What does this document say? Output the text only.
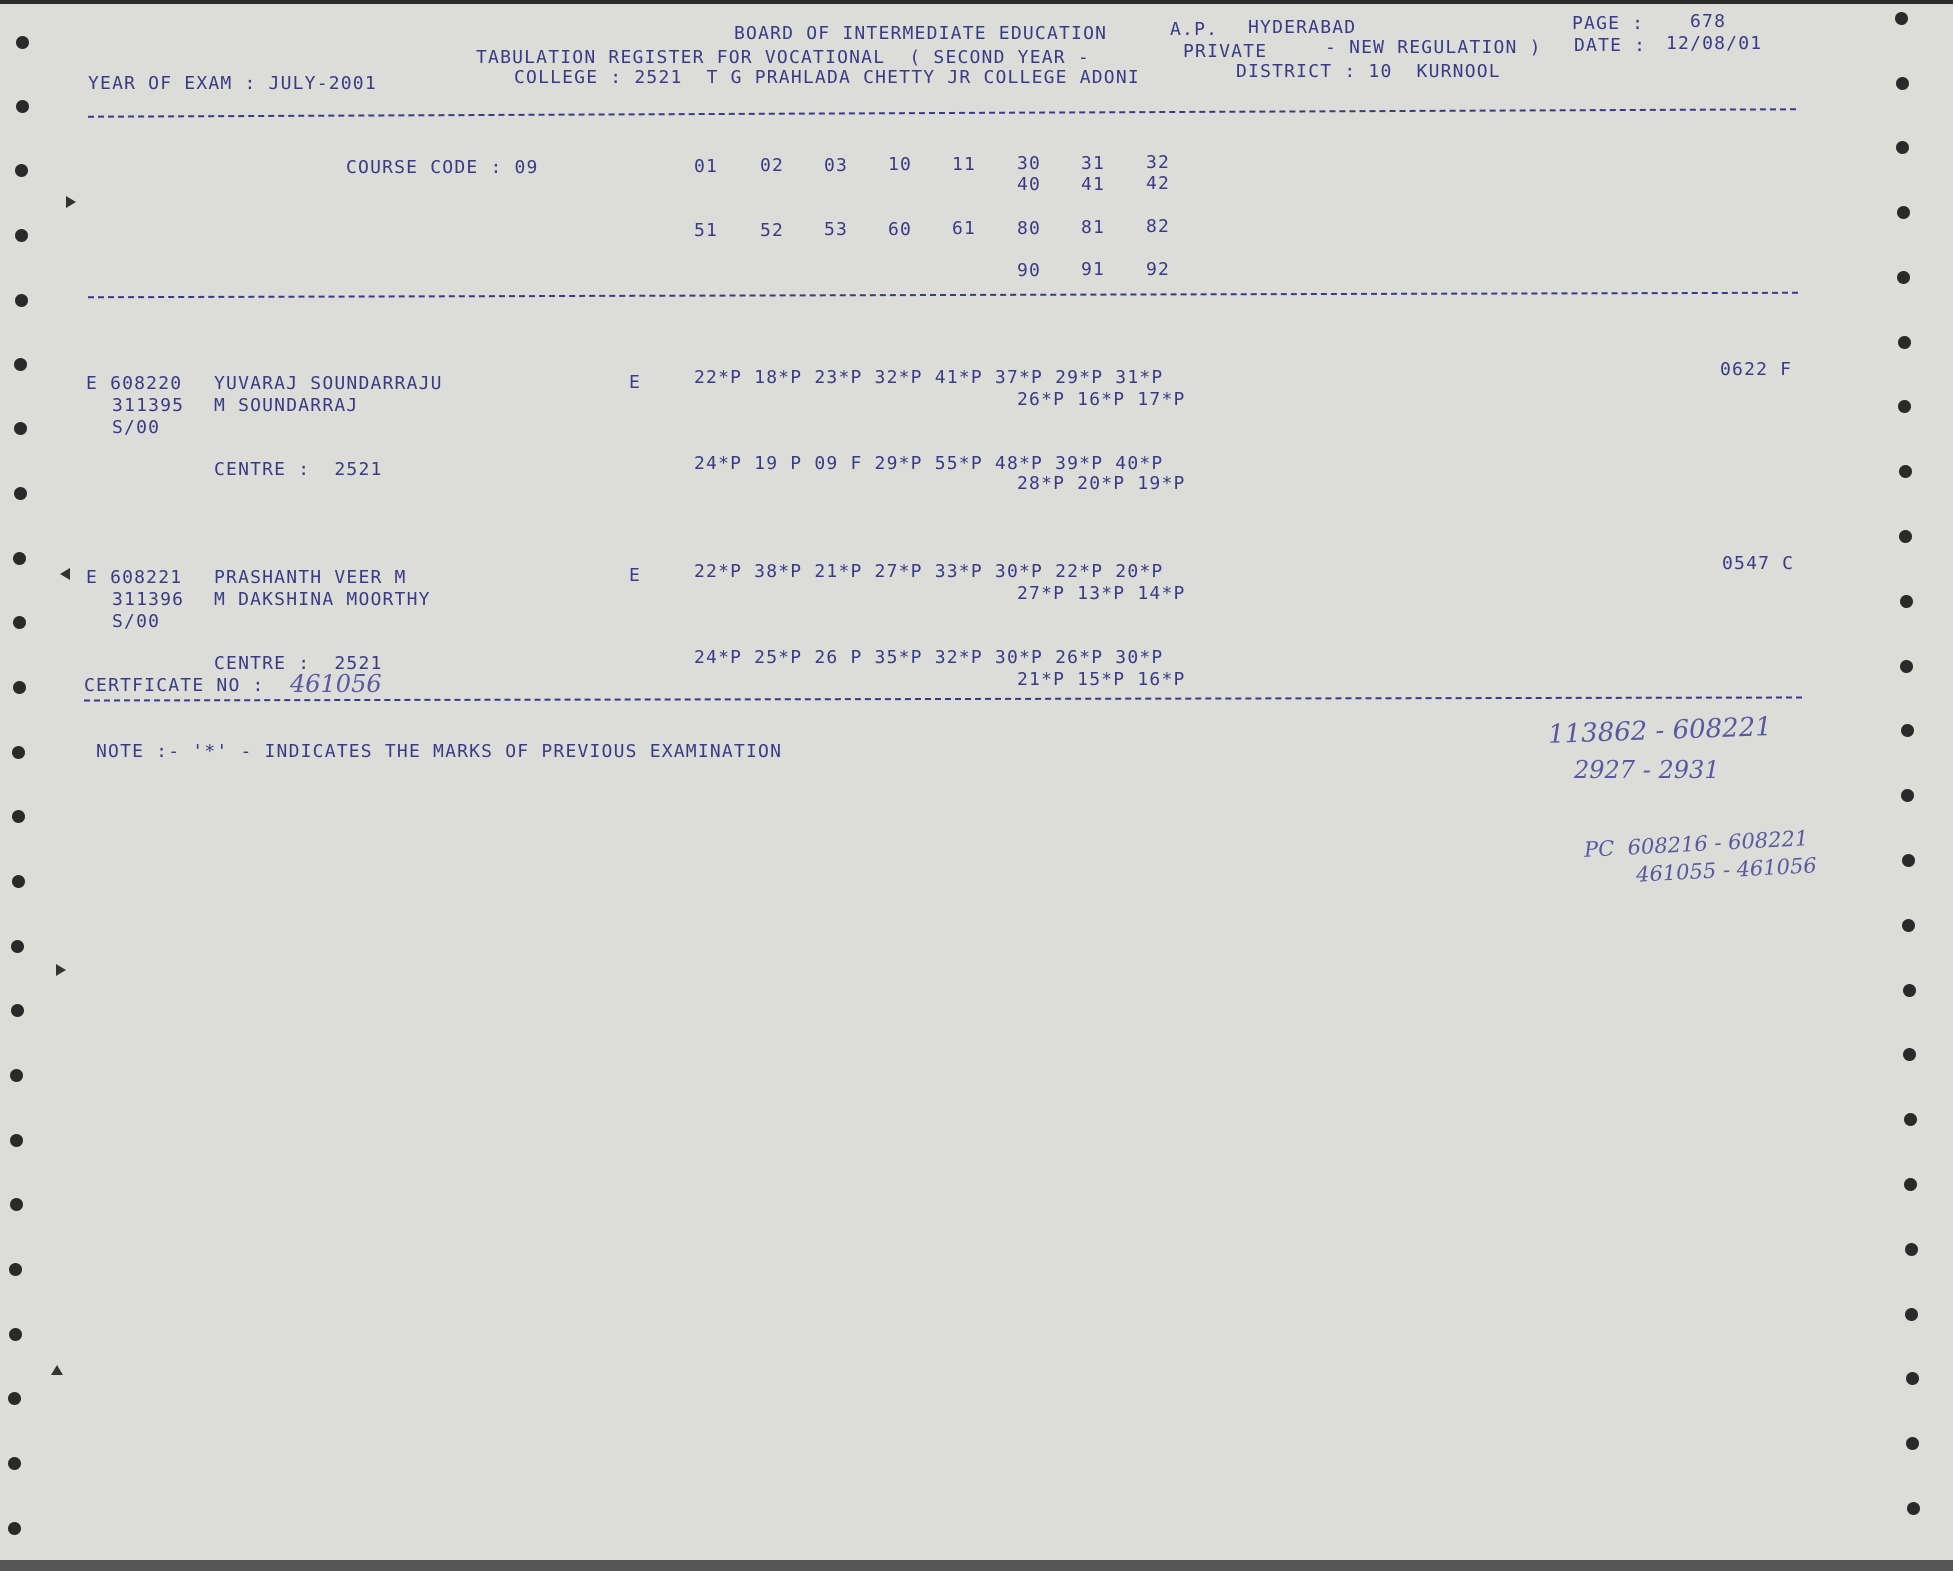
BOARD OF INTERMEDIATE EDUCATION	A.P. HYDERABAD	PAGE :	678
TABULATION REGISTER FOR VOCATIONAL  ( SECOND YEAR -	PRIVATE	- NEW REGULATION ) DATE : 12/08/01
YEAR OF EXAM : JULY-2001	COLLEGE : 2521  T G PRAHLADA CHETTY JR COLLEGE ADONI	DISTRICT : 10  KURNOOL
COURSE CODE : 09	01 02 03 10 11 30 31 32
40 41 42
51 52 53 60 61 80 81 82
90 91 92
E 608220 YUVARAJ SOUNDARRAJU	E	22*P 18*P 23*P 32*P 41*P 37*P 29*P 31*P	0622 F
311395 M SOUNDARRAJ	26*P 16*P 17*P
S/00
CENTRE :  2521	24*P 19 P 09 F 29*P 55*P 48*P 39*P 40*P
28*P 20*P 19*P
E 608221 PRASHANTH VEER M	E	22*P 38*P 21*P 27*P 33*P 30*P 22*P 20*P	0547 C
311396 M DAKSHINA MOORTHY	27*P 13*P 14*P
S/00
CENTRE :  2521	24*P 25*P 26 P 35*P 32*P 30*P 26*P 30*P
21*P 15*P 16*P
CERTFICATE NO : 461056
NOTE :- '*' - INDICATES THE MARKS OF PREVIOUS EXAMINATION
113862 - 608221
2927 - 2931
PC  608216 - 608221
461055 - 461056
